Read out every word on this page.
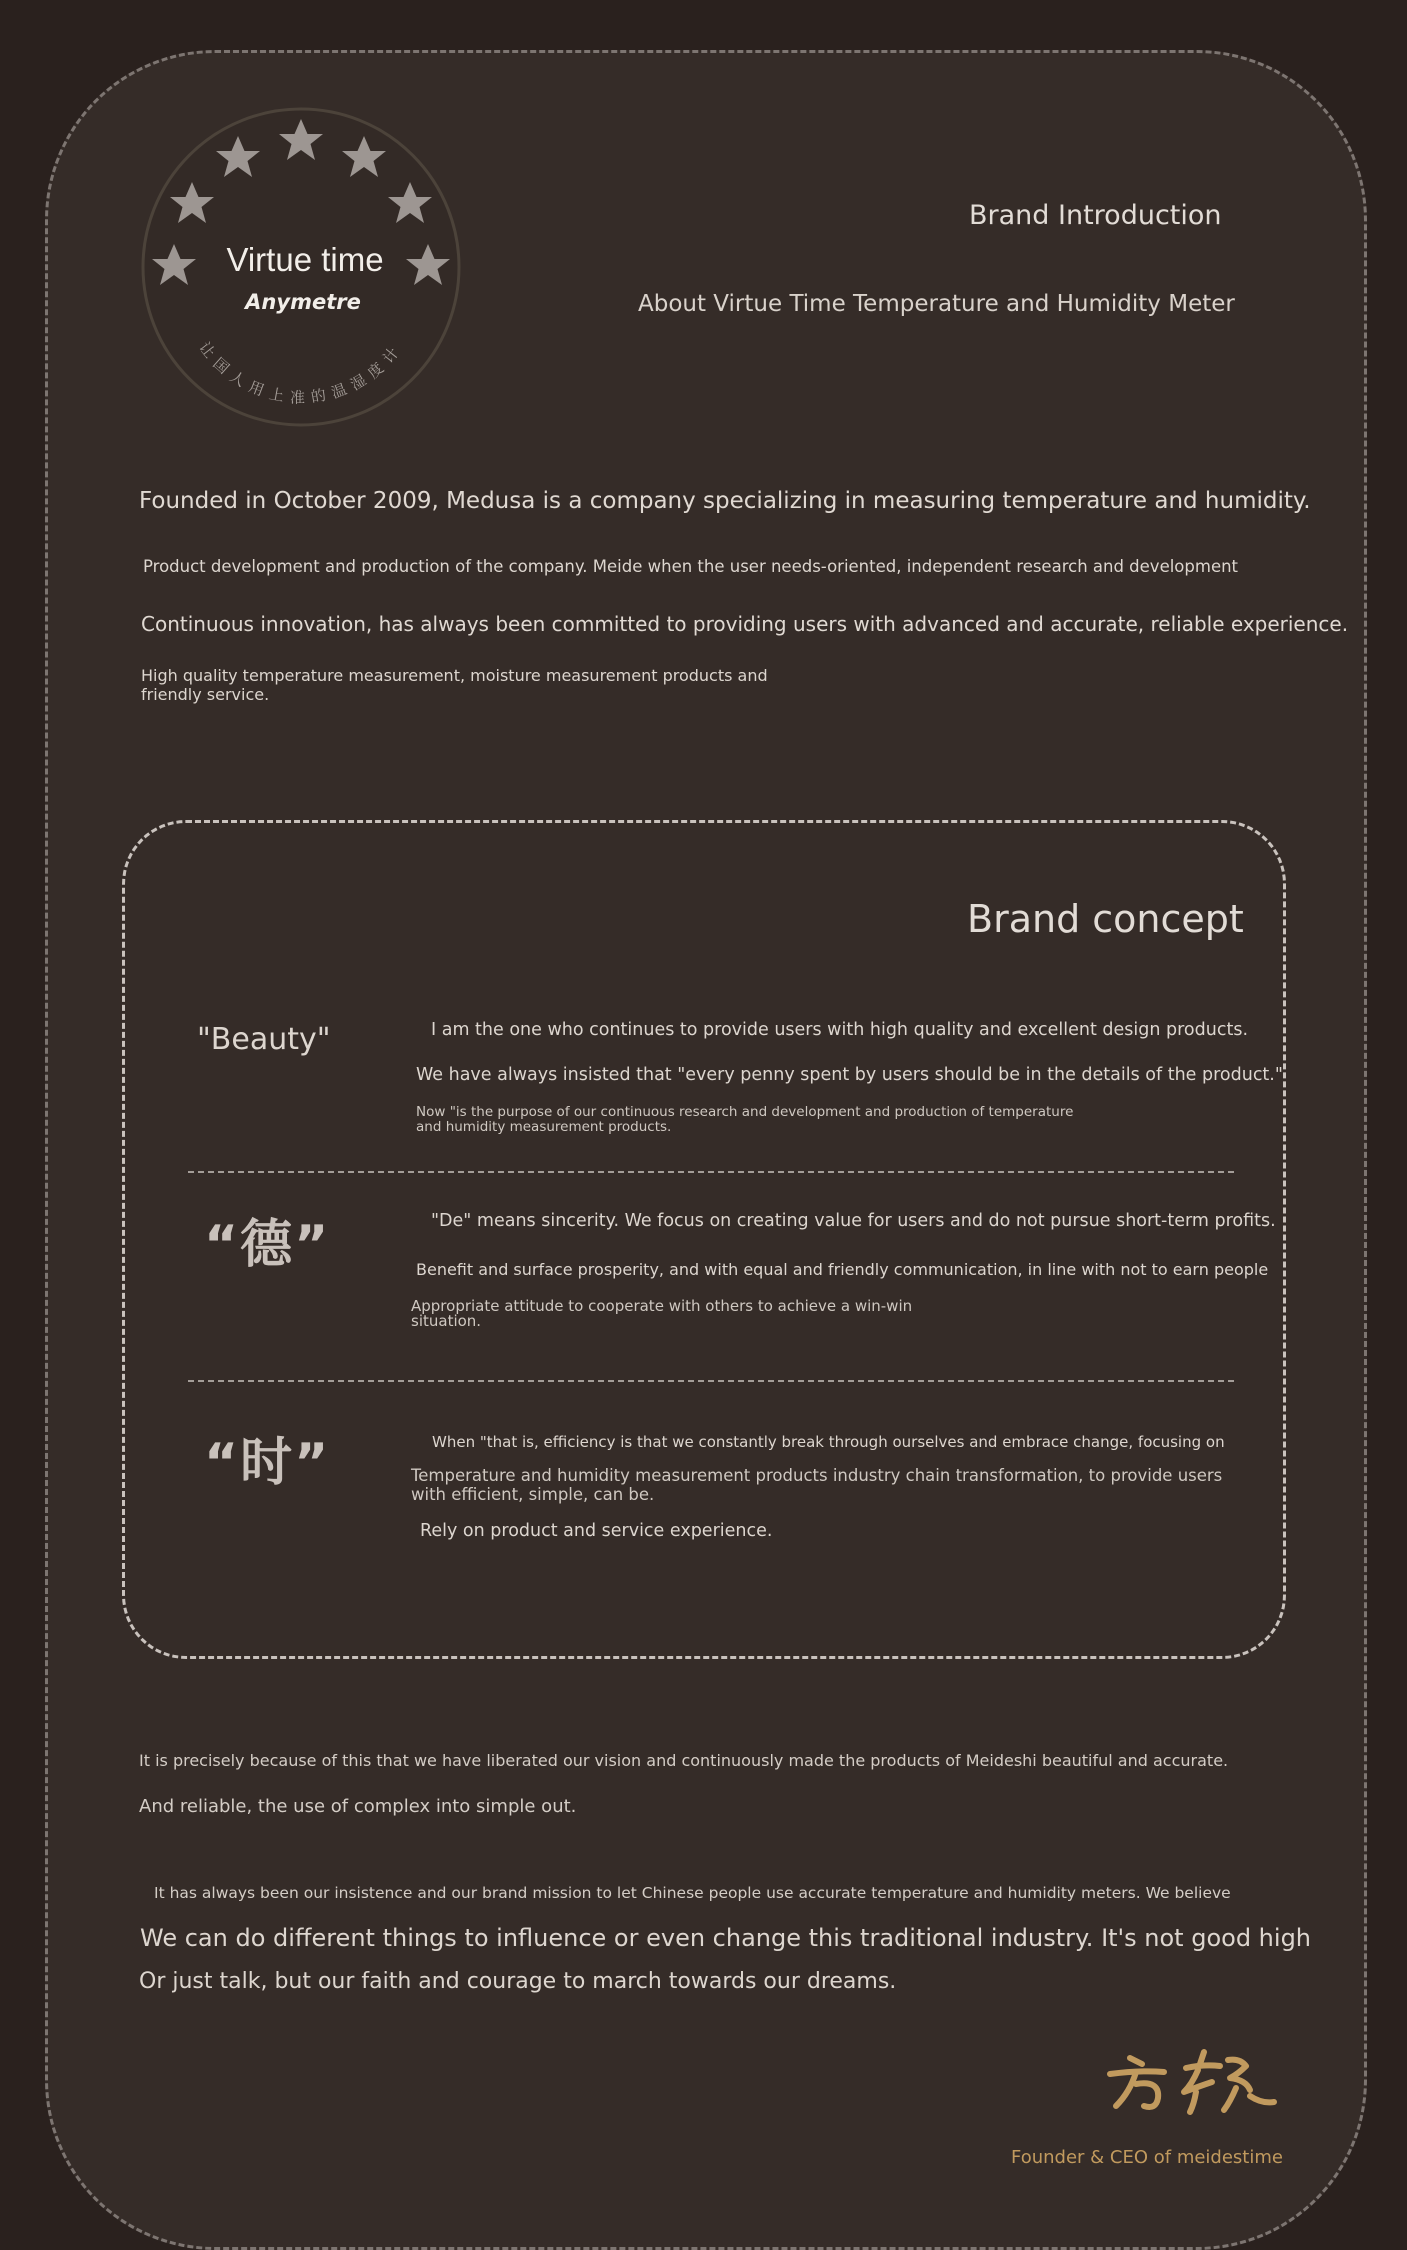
Virtue time
Anymetre
让国人用上准的温湿度计
Brand Introduction
About Virtue Time Temperature and Humidity Meter
Founded in October 2009, Medusa is a company specializing in measuring temperature and humidity.
Product development and production of the company. Meide when the user needs-oriented, independent research and development
Continuous innovation, has always been committed to providing users with advanced and accurate, reliable experience.
High quality temperature measurement, moisture measurement products and friendly service.
Brand concept
"Beauty"	I am the one who continues to provide users with high quality and excellent design products.
We have always insisted that "every penny spent by users should be in the details of the product."
Now "is the purpose of our continuous research and development and production of temperature and humidity measurement products.
“德”	"De" means sincerity. We focus on creating value for users and do not pursue short-term profits.
Benefit and surface prosperity, and with equal and friendly communication, in line with not to earn people
Appropriate attitude to cooperate with others to achieve a win-win situation.
“时”	When "that is, efficiency is that we constantly break through ourselves and embrace change, focusing on
Temperature and humidity measurement products industry chain transformation, to provide users with efficient, simple, can be.
Rely on product and service experience.
It is precisely because of this that we have liberated our vision and continuously made the products of Meideshi beautiful and accurate.
And reliable, the use of complex into simple out.
It has always been our insistence and our brand mission to let Chinese people use accurate temperature and humidity meters. We believe
We can do different things to influence or even change this traditional industry. It's not good high
Or just talk, but our faith and courage to march towards our dreams.
Founder & CEO of meidestime
